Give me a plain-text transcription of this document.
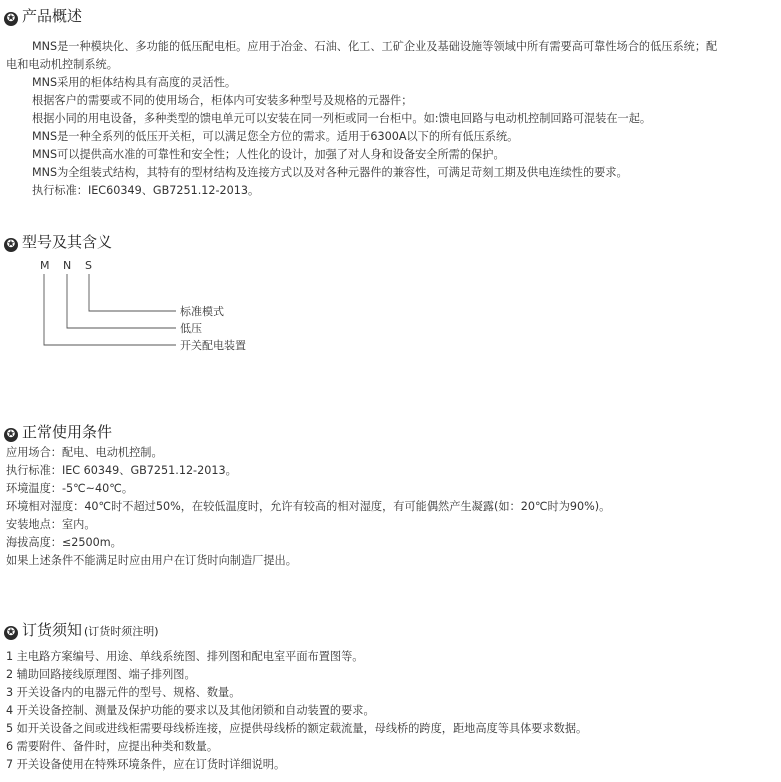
✪ 产品概述
MNS是一种模块化、多功能的低压配电柜。应用于冶金、石油、化工、工矿企业及基础设施等领域中所有需要高可靠性场合的低压系统；配
电和电动机控制系统。
MNS采用的柜体结构具有高度的灵活性。
根据客户的需要或不同的使用场合，柜体内可安装多种型号及规格的元器件；
根据小同的用电设备，多种类型的馈电单元可以安装在同一列柜或同一台柜中。如:馈电回路与电动机控制回路可混装在一起。
MNS是一种全系列的低压开关柜，可以满足您全方位的需求。适用于6300A以下的所有低压系统。
MNS可以提供高水准的可靠性和安全性；人性化的设计，加强了对人身和设备安全所需的保护。
MNS为全组装式结构，其特有的型材结构及连接方式以及对各种元器件的兼容性，可满足苛刻工期及供电连续性的要求。
执行标准：IEC60349、GB7251.12-2013。
✪ 型号及其含义
M N S
标准模式
低压
开关配电装置
✪ 正常使用条件
应用场合：配电、电动机控制。
执行标准：IEC 60349、GB7251.12-2013。
环境温度：-5℃~40℃。
环境相对湿度：40℃时不超过50%，在较低温度时，允许有较高的相对湿度，有可能偶然产生凝露(如：20℃时为90%)。
安装地点：室内。
海拔高度：≤2500m。
如果上述条件不能满足时应由用户在订货时向制造厂提出。
✪ 订货须知 (订货时须注明)
1 主电路方案编号、用途、单线系统图、排列图和配电室平面布置图等。
2 辅助回路接线原理图、端子排列图。
3 开关设备内的电器元件的型号、规格、数量。
4 开关设备控制、测量及保护功能的要求以及其他闭锁和自动装置的要求。
5 如开关设备之间或进线柜需要母线桥连接，应提供母线桥的额定载流量，母线桥的跨度，距地高度等具体要求数据。
6 需要附件、备件时，应提出种类和数量。
7 开关设备使用在特殊环境条件，应在订货时详细说明。
